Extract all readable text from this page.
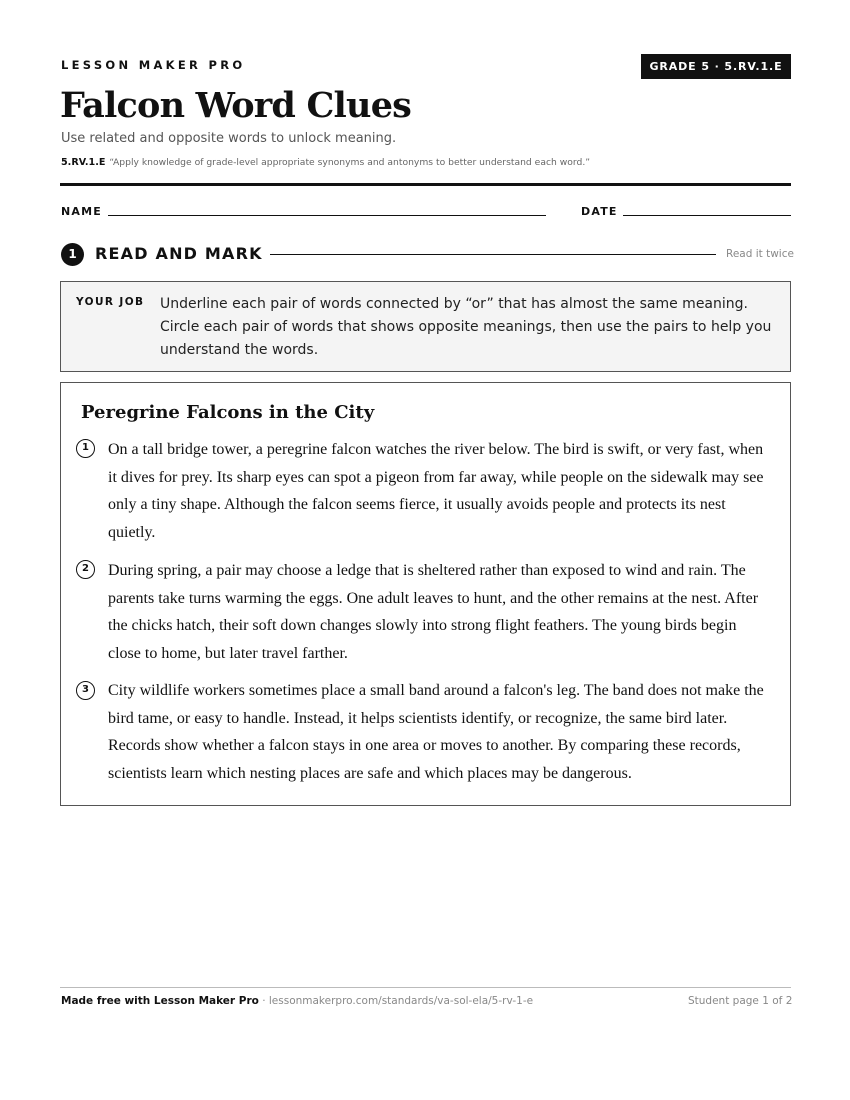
LESSON MAKER PRO	GRADE 5 · 5.RV.1.E
Falcon Word Clues
Use related and opposite words to unlock meaning.
5.RV.1.E “Apply knowledge of grade-level appropriate synonyms and antonyms to better understand each word.”
NAME	DATE
1	READ AND MARK	Read it twice
YOUR JOB Underline each pair of words connected by “or” that has almost the same meaning. Circle each pair of words that shows opposite meanings, then use the pairs to help you understand the words.
Peregrine Falcons in the City
1	On a tall bridge tower, a peregrine falcon watches the river below. The bird is swift, or very fast, when it dives for prey. Its sharp eyes can spot a pigeon from far away, while people on the sidewalk may see only a tiny shape. Although the falcon seems fierce, it usually avoids people and protects its nest quietly.

2	During spring, a pair may choose a ledge that is sheltered rather than exposed to wind and rain. The parents take turns warming the eggs. One adult leaves to hunt, and the other remains at the nest. After the chicks hatch, their soft down changes slowly into strong flight feathers. The young birds begin close to home, but later travel farther.

3	City wildlife workers sometimes place a small band around a falcon's leg. The band does not make the bird tame, or easy to handle. Instead, it helps scientists identify, or recognize, the same bird later. Records show whether a falcon stays in one area or moves to another. By comparing these records, scientists learn which nesting places are safe and which places may be dangerous.

Made free with Lesson Maker Pro · lessonmakerpro.com/standards/va-sol-ela/5-rv-1-e	Student page 1 of 2
